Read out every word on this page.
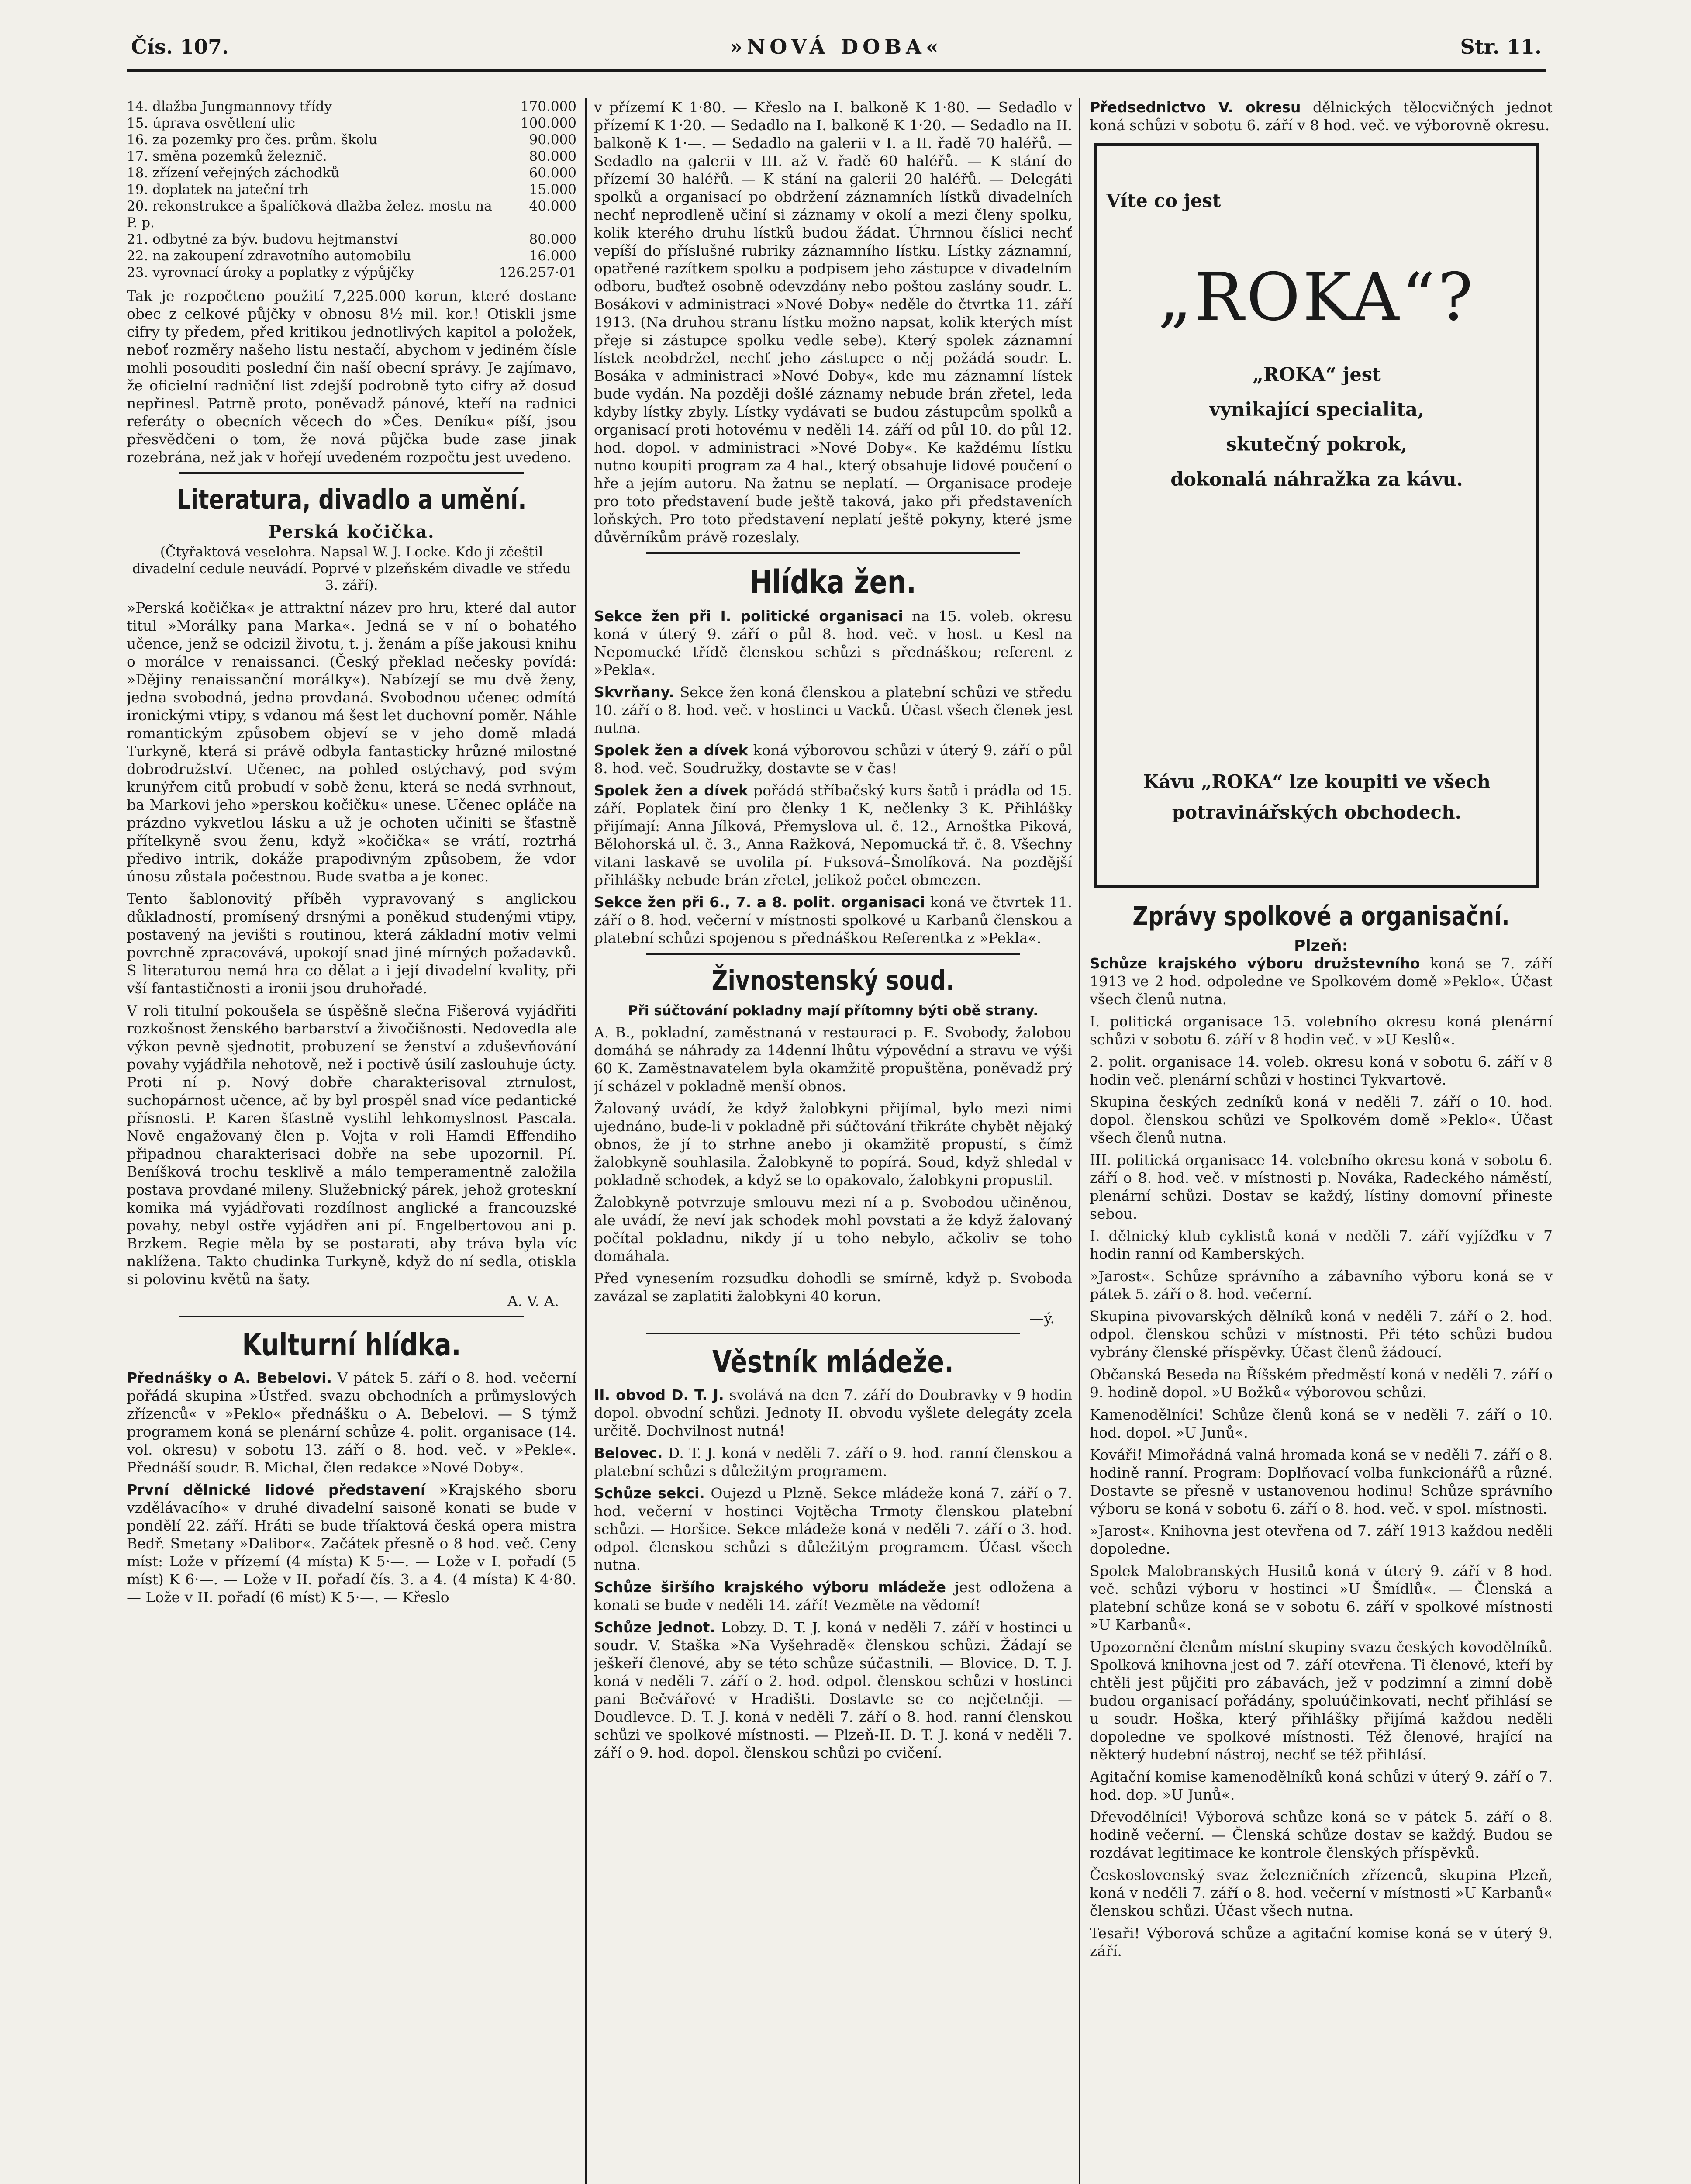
Čís. 107.	»NOVÁ DOBA«	Str. 11.
14. dlažba Jungmannovy třídy	170.000
15. úprava osvětlení ulic	100.000
16. za pozemky pro čes. prům. školu	90.000
17. směna pozemků železnič.	80.000
18. zřízení veřejných záchodků	60.000
19. doplatek na jateční trh	15.000
20. rekonstrukce a špalíčková dlažba želez. mostu na P. p.	40.000
21. odbytné za býv. budovu hejtmanství	80.000
22. na zakoupení zdravotního automobilu	16.000
23. vyrovnací úroky a poplatky z výpůjčky	126.257·01

Tak je rozpočteno použití 7,225.000 korun, které dostane obec z celkové půjčky v obnosu 8½ mil. kor.! Otiskli jsme cifry ty předem, před kritikou jednotlivých kapitol a položek, neboť rozměry našeho listu nestačí, abychom v jediném čísle mohli posouditi poslední čin naší obecní správy. Je zajímavo, že oficielní radniční list zdejší podrobně tyto cifry až dosud nepřinesl. Patrně proto, poněvadž pánové, kteří na radnici referáty o obecních věcech do »Čes. Deníku« píší, jsou přesvědčeni o tom, že nová půjčka bude zase jinak rozebrána, než jak v hořejí uvedeném rozpočtu jest uvedeno.

Literatura, divadlo a umění.
Perská kočička.
(Čtyřaktová veselohra. Napsal W. J. Locke. Kdo ji zčeštil divadelní cedule neuvádí. Poprvé v plzeňském divadle ve středu 3. září).

»Perská kočička« je attraktní název pro hru, které dal autor titul »Morálky pana Marka«. Jedná se v ní o bohatého učence, jenž se odcizil životu, t. j. ženám a píše jakousi knihu o morálce v renaissanci. (Český překlad nečesky povídá: »Dějiny renaissanční morálky«). Nabízejí se mu dvě ženy, jedna svobodná, jedna provdaná. Svobodnou učenec odmítá ironickými vtipy, s vdanou má šest let duchovní poměr. Náhle romantickým způsobem objeví se v jeho domě mladá Turkyně, která si právě odbyla fantasticky hrůzné milostné dobrodružství. Učenec, na pohled ostýchavý, pod svým krunýřem citů probudí v sobě ženu, která se nedá svrhnout, ba Markovi jeho »perskou kočičku« unese. Učenec opláče na prázdno vykvetlou lásku a už je ochoten učiniti se šťastně přítelkyně svou ženu, když »kočička« se vrátí, roztrhá předivo intrik, dokáže prapodivným způsobem, že vdor únosu zůstala počestnou. Bude svatba a je konec.

Tento šablonovitý příběh vypravovaný s anglickou důkladností, promísený drsnými a poněkud studenými vtipy, postavený na jevišti s routinou, která základní motiv velmi povrchně zpracovává, upokojí snad jiné mírných požadavků. S literaturou nemá hra co dělat a i její divadelní kvality, při vší fantastičnosti a ironii jsou druhořadé.

V roli titulní pokoušela se úspěšně slečna Fišerová vyjádřiti rozkošnost ženského barbarství a živočišnosti. Nedovedla ale výkon pevně sjednotit, probuzení se ženství a zduševňování povahy vyjádřila nehotově, než i poctivě úsilí zaslouhuje úcty. Proti ní p. Nový dobře charakterisoval ztrnulost, suchopárnost učence, ač by byl prospěl snad více pedantické přísnosti. P. Karen šťastně vystihl lehkomyslnost Pascala. Nově engažovaný člen p. Vojta v roli Hamdi Effendiho připadnou charakterisaci dobře na sebe upozornil. Pí. Beníšková trochu tesklivě a málo temperamentně založila postava provdané mileny. Služebnický párek, jehož groteskní komika má vyjádřovati rozdílnost anglické a francouzské povahy, nebyl ostře vyjádřen ani pí. Engelbertovou ani p. Brzkem. Regie měla by se postarati, aby tráva byla víc naklížena. Takto chudinka Turkyně, když do ní sedla, otiskla si polovinu květů na šaty.

A. V. A.
Kulturní hlídka.

Přednášky o A. Bebelovi. V pátek 5. září o 8. hod. večerní pořádá skupina »Ústřed. svazu obchodních a průmyslových zřízenců« v »Peklo« přednášku o A. Bebelovi. — S týmž programem koná se plenární schůze 4. polit. organisace (14. vol. okresu) v sobotu 13. září o 8. hod. več. v »Pekle«. Přednáší soudr. B. Michal, člen redakce »Nové Doby«.

První dělnické lidové představení »Krajského sboru vzdělávacího« v druhé divadelní saisoně konati se bude v pondělí 22. září. Hráti se bude tříaktová česká opera mistra Bedř. Smetany »Dalibor«. Začátek přesně o 8 hod. več. Ceny míst: Lože v přízemí (4 místa) K 5·—. — Lože v I. pořadí (5 míst) K 6·—. — Lože v II. pořadí čís. 3. a 4. (4 místa) K 4·80. — Lože v II. pořadí (6 míst) K 5·—. — Křeslo

v přízemí K 1·80. — Křeslo na I. balkoně K 1·80. — Sedadlo v přízemí K 1·20. — Sedadlo na I. balkoně K 1·20. — Sedadlo na II. balkoně K 1·—. — Sedadlo na galerii v I. a II. řadě 70 haléřů. — Sedadlo na galerii v III. až V. řadě 60 haléřů. — K stání do přízemí 30 haléřů. — K stání na galerii 20 haléřů. — Delegáti spolků a organisací po obdržení záznamních lístků divadelních nechť neprodleně učiní si záznamy v okolí a mezi členy spolku, kolik kterého druhu lístků budou žádat. Úhrnnou číslici nechť vepíší do příslušné rubriky záznamního lístku. Lístky záznamní, opatřené razítkem spolku a podpisem jeho zástupce v divadelním odboru, buďtež osobně odevzdány nebo poštou zaslány soudr. L. Bosákovi v administraci »Nové Doby« neděle do čtvrtka 11. září 1913. (Na druhou stranu lístku možno napsat, kolik kterých míst přeje si zástupce spolku vedle sebe). Který spolek záznamní lístek neobdržel, nechť jeho zástupce o něj požádá soudr. L. Bosáka v administraci »Nové Doby«, kde mu záznamní lístek bude vydán. Na později došlé záznamy nebude brán zřetel, leda kdyby lístky zbyly. Lístky vydávati se budou zástupcům spolků a organisací proti hotovému v neděli 14. září od půl 10. do půl 12. hod. dopol. v administraci »Nové Doby«. Ke každému lístku nutno koupiti program za 4 hal., který obsahuje lidové poučení o hře a jejím autoru. Na žatnu se neplatí. — Organisace prodeje pro toto představení bude ještě taková, jako při představeních loňských. Pro toto představení neplatí ještě pokyny, které jsme důvěrníkům právě rozeslaly.

Hlídka žen.

Sekce žen při I. politické organisaci na 15. voleb. okresu koná v úterý 9. září o půl 8. hod. več. v host. u Kesl na Nepomucké třídě členskou schůzi s přednáškou; referent z »Pekla«.

Skvrňany. Sekce žen koná členskou a platební schůzi ve středu 10. září o 8. hod. več. v hostinci u Vacků. Účast všech členek jest nutna.

Spolek žen a dívek koná výborovou schůzi v úterý 9. září o půl 8. hod. več. Soudružky, dostavte se v čas!

Spolek žen a dívek pořádá stříbačský kurs šatů i prádla od 15. září. Poplatek činí pro členky 1 K, nečlenky 3 K. Přihlášky přijímají: Anna Jílková, Přemyslova ul. č. 12., Arnoštka Piková, Bělohorská ul. č. 3., Anna Ražková, Nepomucká tř. č. 8. Všechny vitani laskavě se uvolila pí. Fuksová–Šmolíková. Na pozdější přihlášky nebude brán zřetel, jelikož počet obmezen.

Sekce žen při 6., 7. a 8. polit. organisaci koná ve čtvrtek 11. září o 8. hod. večerní v místnosti spolkové u Karbanů členskou a platební schůzi spojenou s přednáškou Referentka z »Pekla«.

Živnostenský soud.
Při súčtování pokladny mají přítomny býti obě strany.

A. B., pokladní, zaměstnaná v restauraci p. E. Svobody, žalobou domáhá se náhrady za 14denní lhůtu výpovědní a stravu ve výši 60 K. Zaměstnavatelem byla okamžitě propuštěna, poněvadž prý jí scházel v pokladně menší obnos.

Žalovaný uvádí, že když žalobkyni přijímal, bylo mezi nimi ujednáno, bude-li v pokladně při súčtování třikráte chybět nějaký obnos, že jí to strhne anebo ji okamžitě propustí, s čímž žalobkyně souhlasila. Žalobkyně to popírá. Soud, když shledal v pokladně schodek, a když se to opakovalo, žalobkyni propustil.

Žalobkyně potvrzuje smlouvu mezi ní a p. Svobodou učiněnou, ale uvádí, že neví jak schodek mohl povstati a že když žalovaný počítal pokladnu, nikdy jí u toho nebylo, ačkoliv se toho domáhala.

Před vynesením rozsudku dohodli se smírně, když p. Svoboda zavázal se zaplatiti žalobkyni 40 korun.

—ý.
Věstník mládeže.

II. obvod D. T. J. svolává na den 7. září do Doubravky v 9 hodin dopol. obvodní schůzi. Jednoty II. obvodu vyšlete delegáty zcela určitě. Dochvilnost nutná!

Belovec. D. T. J. koná v neděli 7. září o 9. hod. ranní členskou a platební schůzi s důležitým programem.

Schůze sekci. Oujezd u Plzně. Sekce mládeže koná 7. září o 7. hod. večerní v hostinci Vojtěcha Trmoty členskou platební schůzi. — Horšice. Sekce mládeže koná v neděli 7. září o 3. hod. odpol. členskou schůzi s důležitým programem. Účast všech nutna.

Schůze širšího krajského výboru mládeže jest odložena a konati se bude v neděli 14. září! Vezměte na vědomí!

Schůze jednot. Lobzy. D. T. J. koná v neděli 7. září v hostinci u soudr. V. Staška »Na Vyšehradě« členskou schůzi. Žádají se ješkeří členové, aby se této schůze súčastnili. — Blovice. D. T. J. koná v neděli 7. září o 2. hod. odpol. členskou schůzi v hostinci pani Bečvářové v Hradišti. Dostavte se co nejčetněji. — Doudlevce. D. T. J. koná v neděli 7. září o 8. hod. ranní členskou schůzi ve spolkové místnosti. — Plzeň-II. D. T. J. koná v neděli 7. září o 9. hod. dopol. členskou schůzi po cvičení.

Předsednictvo V. okresu dělnických tělocvičných jednot koná schůzi v sobotu 6. září v 8 hod. več. ve výborovně okresu.

Víte co jest
„ROKA“?
„ROKA“ jest
vynikající specialita,
skutečný pokrok,
dokonalá náhražka za kávu.
Kávu „ROKA“ lze koupiti ve všech
potravinářských obchodech.
Zprávy spolkové a organisační.
Plzeň:

Schůze krajského výboru družstevního koná se 7. září 1913 ve 2 hod. odpoledne ve Spolkovém domě »Peklo«. Účast všech členů nutna.

I. politická organisace 15. volebního okresu koná plenární schůzi v sobotu 6. září v 8 hodin več. v »U Keslů«.

2. polit. organisace 14. voleb. okresu koná v sobotu 6. září v 8 hodin več. plenární schůzi v hostinci Tykvartově.

Skupina českých zedníků koná v neděli 7. září o 10. hod. dopol. členskou schůzi ve Spolkovém domě »Peklo«. Účast všech členů nutna.

III. politická organisace 14. volebního okresu koná v sobotu 6. září o 8. hod. več. v místnosti p. Nováka, Radeckého náměstí, plenární schůzi. Dostav se každý, lístiny domovní přineste sebou.

I. dělnický klub cyklistů koná v neděli 7. září vyjížďku v 7 hodin ranní od Kamberských.

»Jarost«. Schůze správního a zábavního výboru koná se v pátek 5. září o 8. hod. večerní.

Skupina pivovarských dělníků koná v neděli 7. září o 2. hod. odpol. členskou schůzi v místnosti. Při této schůzi budou vybrány členské příspěvky. Účast členů žádoucí.

Občanská Beseda na Říšském předměstí koná v neděli 7. září o 9. hodině dopol. »U Božků« výborovou schůzi.

Kamenodělníci! Schůze členů koná se v neděli 7. září o 10. hod. dopol. »U Junů«.

Kováři! Mimořádná valná hromada koná se v neděli 7. září o 8. hodině ranní. Program: Doplňovací volba funkcionářů a různé. Dostavte se přesně v ustanovenou hodinu! Schůze správního výboru se koná v sobotu 6. září o 8. hod. več. v spol. místnosti.

»Jarost«. Knihovna jest otevřena od 7. září 1913 každou neděli dopoledne.

Spolek Malobranských Husitů koná v úterý 9. září v 8 hod. več. schůzi výboru v hostinci »U Šmídlů«. — Členská a platební schůze koná se v sobotu 6. září v spolkové místnosti »U Karbanů«.

Upozornění členům místní skupiny svazu českých kovodělníků. Spolková knihovna jest od 7. září otevřena. Ti členové, kteří by chtěli jest půjčiti pro zábavách, jež v podzimní a zimní době budou organisací pořádány, spoluúčinkovati, nechť přihlásí se u soudr. Hoška, který přihlášky přijímá každou neděli dopoledne ve spolkové místnosti. Též členové, hrající na některý hudební nástroj, nechť se též přihlásí.

Agitační komise kamenodělníků koná schůzi v úterý 9. září o 7. hod. dop. »U Junů«.

Dřevodělníci! Výborová schůze koná se v pátek 5. září o 8. hodině večerní. — Členská schůze dostav se každý. Budou se rozdávat legitimace ke kontrole členských příspěvků.

Československý svaz železničních zřízenců, skupina Plzeň, koná v neděli 7. září o 8. hod. večerní v místnosti »U Karbanů« členskou schůzi. Účast všech nutna.

Tesaři! Výborová schůze a agitační komise koná se v úterý 9. září.
